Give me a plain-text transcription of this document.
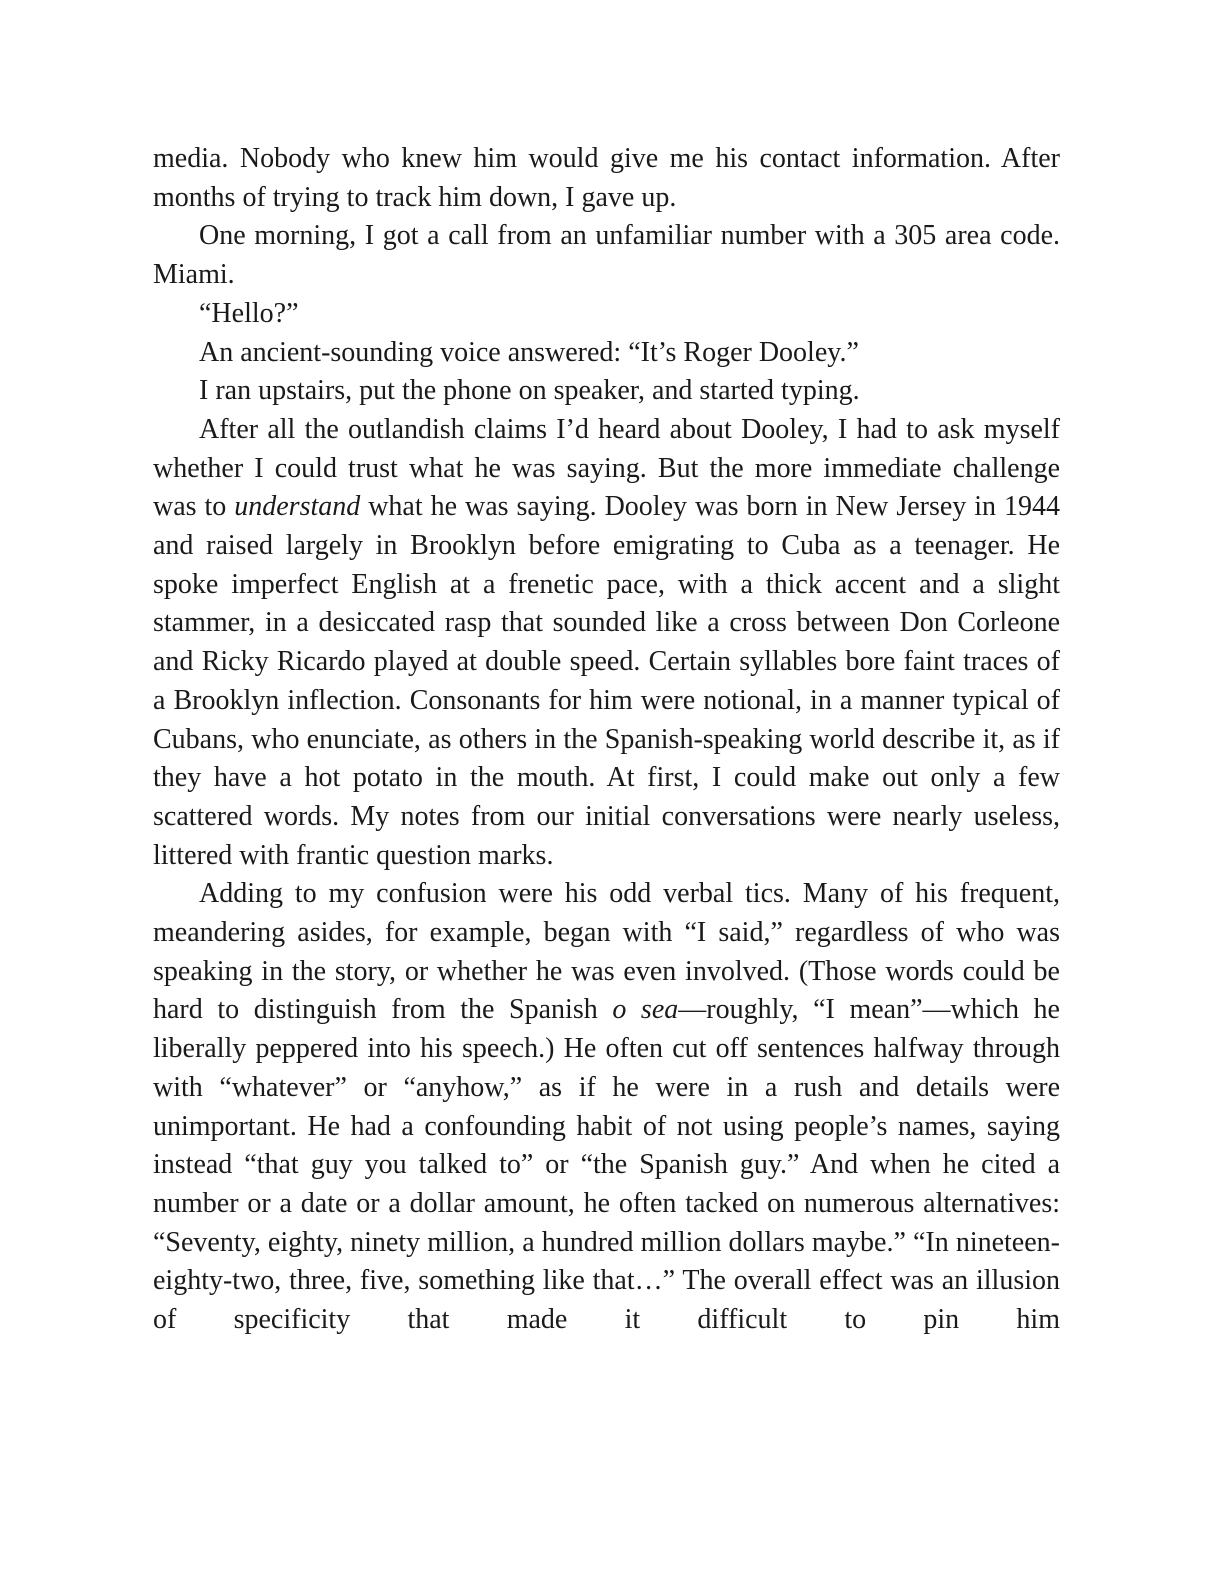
media. Nobody who knew him would give me his contact information. After months of trying to track him down, I gave up.

One morning, I got a call from an unfamiliar number with a 305 area code. Miami.

“Hello?”

An ancient-sounding voice answered: “It’s Roger Dooley.”

I ran upstairs, put the phone on speaker, and started typing.

After all the outlandish claims I’d heard about Dooley, I had to ask myself whether I could trust what he was saying. But the more immediate challenge was to understand what he was saying. Dooley was born in New Jersey in 1944 and raised largely in Brooklyn before emigrating to Cuba as a teenager. He spoke imperfect English at a frenetic pace, with a thick accent and a slight stammer, in a desiccated rasp that sounded like a cross between Don Corleone and Ricky Ricardo played at double speed. Certain syllables bore faint traces of a Brooklyn inflection. Consonants for him were notional, in a manner typical of Cubans, who enunciate, as others in the Spanish-speaking world describe it, as if they have a hot potato in the mouth. At first, I could make out only a few scattered words. My notes from our initial conversations were nearly useless, littered with frantic question marks.

Adding to my confusion were his odd verbal tics. Many of his frequent, meandering asides, for example, began with “I said,” regardless of who was speaking in the story, or whether he was even involved. (Those words could be hard to distinguish from the Spanish o sea—roughly, “I mean”—which he liberally peppered into his speech.) He often cut off sentences halfway through with “whatever” or “anyhow,” as if he were in a rush and details were unimportant. He had a confounding habit of not using people’s names, saying instead “that guy you talked to” or “the Spanish guy.” And when he cited a number or a date or a dollar amount, he often tacked on numerous alternatives: “Seventy, eighty, ninety million, a hundred million dollars maybe.” “In nineteen-eighty-two, three, five, something like that…” The overall effect was an illusion of specificity that made it difficult to pin him
